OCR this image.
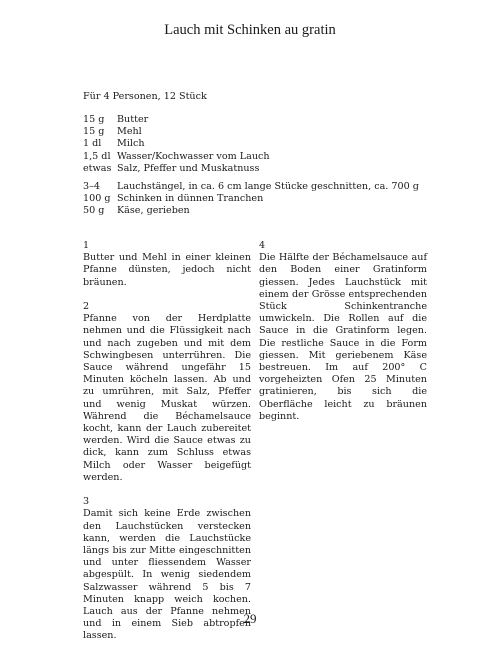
Lauch mit Schinken au gratin
Für 4 Personen, 12 Stück
15 g	Butter
15 g	Mehl
1 dl	Milch
1,5 dl Wasser/Kochwasser vom Lauch
etwas Salz, Pfeffer und Muskatnuss
3–4	Lauchstängel, in ca. 6 cm lange Stücke geschnitten, ca. 700 g
100 g Schinken in dünnen Tranchen
50 g	Käse, gerieben
1
Butter und Mehl in einer kleinen Pfanne dünsten, jedoch nicht bräunen.
2
Pfanne von der Herdplatte nehmen und die Flüssigkeit nach und nach zugeben und mit dem Schwingbesen unterrühren. Die Sauce während ungefähr 15 Minuten köcheln lassen. Ab und zu umrühren, mit Salz, Pfeffer und wenig Muskat würzen. Während die Béchamelsauce kocht, kann der Lauch zubereitet werden. Wird die Sauce etwas zu dick, kann zum Schluss etwas Milch oder Wasser beigefügt werden.
3
Damit sich keine Erde zwischen den Lauchstücken verstecken kann, werden die Lauchstücke längs bis zur Mitte eingeschnitten und unter fliessendem Wasser abgespült. In wenig siedendem Salzwasser während 5 bis 7 Minuten knapp weich kochen. Lauch aus der Pfanne nehmen und in einem Sieb abtropfen lassen.
4
Die Hälfte der Béchamelsauce auf den Boden einer Gratinform giessen. Jedes Lauchstück mit einem der Grösse entsprechenden Stück Schinkentranche umwickeln. Die Rollen auf die Sauce in die Gratinform legen. Die restliche Sauce in die Form giessen. Mit geriebenem Käse bestreuen. Im auf 200° C vorgeheizten Ofen 25 Minuten gratinieren, bis sich die Oberfläche leicht zu bräunen beginnt.
29
